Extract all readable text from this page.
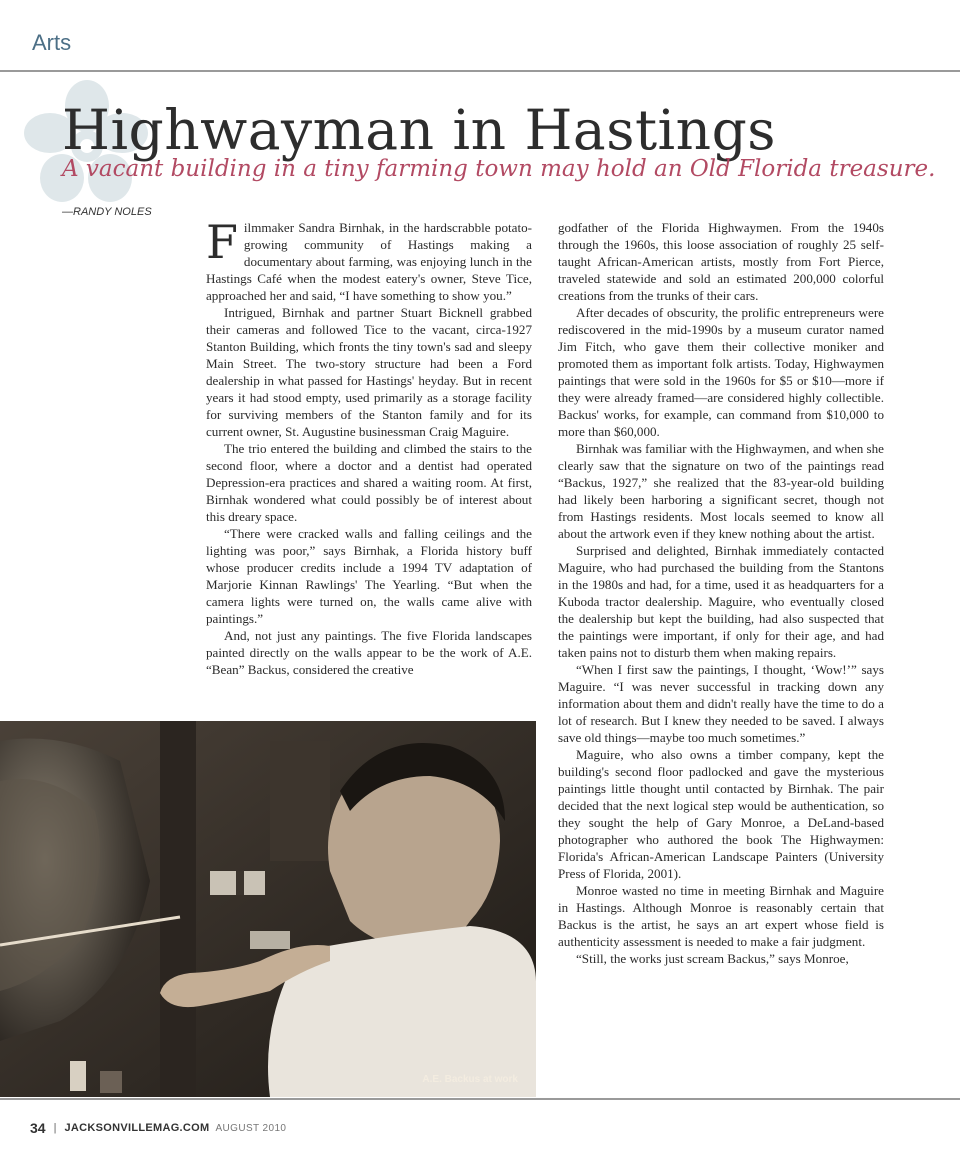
Arts
Highwayman in Hastings
A vacant building in a tiny farming town may hold an Old Florida treasure.
—RANDY NOLES

Filmmaker Sandra Birnhak, in the hardscrabble potato-growing community of Hastings making a documentary about farming, was enjoying lunch in the Hastings Café when the modest eatery's owner, Steve Tice, approached her and said, “I have something to show you.”

Intrigued, Birnhak and partner Stuart Bicknell grabbed their cameras and followed Tice to the vacant, circa-1927 Stanton Building, which fronts the tiny town's sad and sleepy Main Street. The two-story structure had been a Ford dealership in what passed for Hastings' heyday. But in recent years it had stood empty, used primarily as a storage facility for surviving members of the Stanton family and for its current owner, St. Augustine businessman Craig Maguire.

The trio entered the building and climbed the stairs to the second floor, where a doctor and a dentist had operated Depression-era practices and shared a waiting room. At first, Birnhak wondered what could possibly be of interest about this dreary space.

“There were cracked walls and falling ceilings and the lighting was poor,” says Birnhak, a Florida history buff whose producer credits include a 1994 TV adaptation of Marjorie Kinnan Rawlings' The Yearling. “But when the camera lights were turned on, the walls came alive with paintings.”

And, not just any paintings. The five Florida landscapes painted directly on the walls appear to be the work of A.E. “Bean” Backus, considered the creative

godfather of the Florida Highwaymen. From the 1940s through the 1960s, this loose association of roughly 25 self-taught African-American artists, mostly from Fort Pierce, traveled statewide and sold an estimated 200,000 colorful creations from the trunks of their cars.

After decades of obscurity, the prolific entrepreneurs were rediscovered in the mid-1990s by a museum curator named Jim Fitch, who gave them their collective moniker and promoted them as important folk artists. Today, Highwaymen paintings that were sold in the 1960s for $5 or $10—more if they were already framed—are considered highly collectible. Backus' works, for example, can command from $10,000 to more than $60,000.

Birnhak was familiar with the Highwaymen, and when she clearly saw that the signature on two of the paintings read “Backus, 1927,” she realized that the 83-year-old building had likely been harboring a significant secret, though not from Hastings residents. Most locals seemed to know all about the artwork even if they knew nothing about the artist.

Surprised and delighted, Birnhak immediately contacted Maguire, who had purchased the building from the Stantons in the 1980s and had, for a time, used it as headquarters for a Kuboda tractor dealership. Maguire, who eventually closed the dealership but kept the building, had also suspected that the paintings were important, if only for their age, and had taken pains not to disturb them when making repairs.

“When I first saw the paintings, I thought, ‘Wow!’” says Maguire. “I was never successful in tracking down any information about them and didn't really have the time to do a lot of research. But I knew they needed to be saved. I always save old things—maybe too much sometimes.”

Maguire, who also owns a timber company, kept the building's second floor padlocked and gave the mysterious paintings little thought until contacted by Birnhak. The pair decided that the next logical step would be authentication, so they sought the help of Gary Monroe, a DeLand-based photographer who authored the book The Highwaymen: Florida's African-American Landscape Painters (University Press of Florida, 2001).

Monroe wasted no time in meeting Birnhak and Maguire in Hastings. Although Monroe is reasonably certain that Backus is the artist, he says an art expert whose field is authenticity assessment is needed to make a fair judgment.

“Still, the works just scream Backus,” says Monroe,

A.E. Backus at work
34 | JACKSONVILLEMAG.COM AUGUST 2010
